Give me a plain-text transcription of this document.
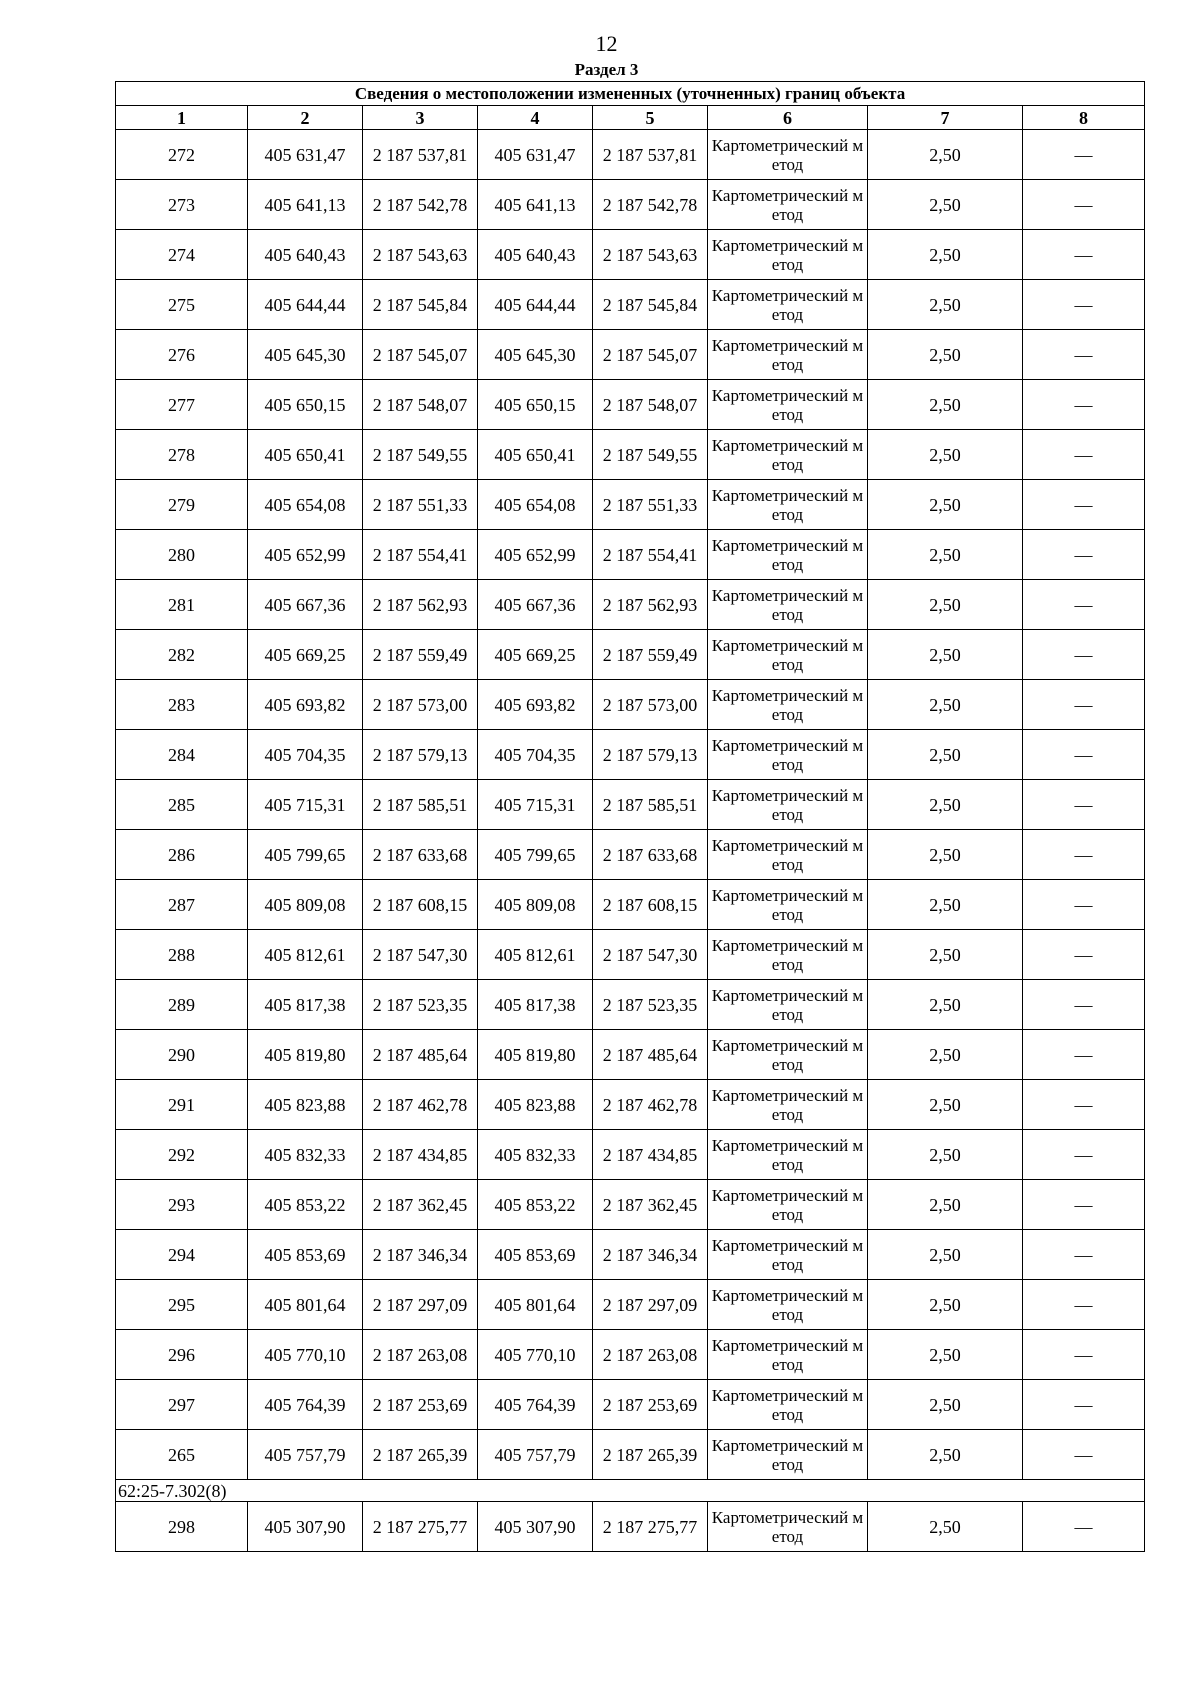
12
Раздел 3
Сведения о местоположении измененных (уточненных) границ объекта							
1	2	3	4	5	6	7	8
272	405 631,47	2 187 537,81	405 631,47	2 187 537,81	Картометрический метод	2,50	—
273	405 641,13	2 187 542,78	405 641,13	2 187 542,78	Картометрический метод	2,50	—
274	405 640,43	2 187 543,63	405 640,43	2 187 543,63	Картометрический метод	2,50	—
275	405 644,44	2 187 545,84	405 644,44	2 187 545,84	Картометрический метод	2,50	—
276	405 645,30	2 187 545,07	405 645,30	2 187 545,07	Картометрический метод	2,50	—
277	405 650,15	2 187 548,07	405 650,15	2 187 548,07	Картометрический метод	2,50	—
278	405 650,41	2 187 549,55	405 650,41	2 187 549,55	Картометрический метод	2,50	—
279	405 654,08	2 187 551,33	405 654,08	2 187 551,33	Картометрический метод	2,50	—
280	405 652,99	2 187 554,41	405 652,99	2 187 554,41	Картометрический метод	2,50	—
281	405 667,36	2 187 562,93	405 667,36	2 187 562,93	Картометрический метод	2,50	—
282	405 669,25	2 187 559,49	405 669,25	2 187 559,49	Картометрический метод	2,50	—
283	405 693,82	2 187 573,00	405 693,82	2 187 573,00	Картометрический метод	2,50	—
284	405 704,35	2 187 579,13	405 704,35	2 187 579,13	Картометрический метод	2,50	—
285	405 715,31	2 187 585,51	405 715,31	2 187 585,51	Картометрический метод	2,50	—
286	405 799,65	2 187 633,68	405 799,65	2 187 633,68	Картометрический метод	2,50	—
287	405 809,08	2 187 608,15	405 809,08	2 187 608,15	Картометрический метод	2,50	—
288	405 812,61	2 187 547,30	405 812,61	2 187 547,30	Картометрический метод	2,50	—
289	405 817,38	2 187 523,35	405 817,38	2 187 523,35	Картометрический метод	2,50	—
290	405 819,80	2 187 485,64	405 819,80	2 187 485,64	Картометрический метод	2,50	—
291	405 823,88	2 187 462,78	405 823,88	2 187 462,78	Картометрический метод	2,50	—
292	405 832,33	2 187 434,85	405 832,33	2 187 434,85	Картометрический метод	2,50	—
293	405 853,22	2 187 362,45	405 853,22	2 187 362,45	Картометрический метод	2,50	—
294	405 853,69	2 187 346,34	405 853,69	2 187 346,34	Картометрический метод	2,50	—
295	405 801,64	2 187 297,09	405 801,64	2 187 297,09	Картометрический метод	2,50	—
296	405 770,10	2 187 263,08	405 770,10	2 187 263,08	Картометрический метод	2,50	—
297	405 764,39	2 187 253,69	405 764,39	2 187 253,69	Картометрический метод	2,50	—
265	405 757,79	2 187 265,39	405 757,79	2 187 265,39	Картометрический метод	2,50	—
62:25-7.302(8)							
298	405 307,90	2 187 275,77	405 307,90	2 187 275,77	Картометрический метод	2,50	—
